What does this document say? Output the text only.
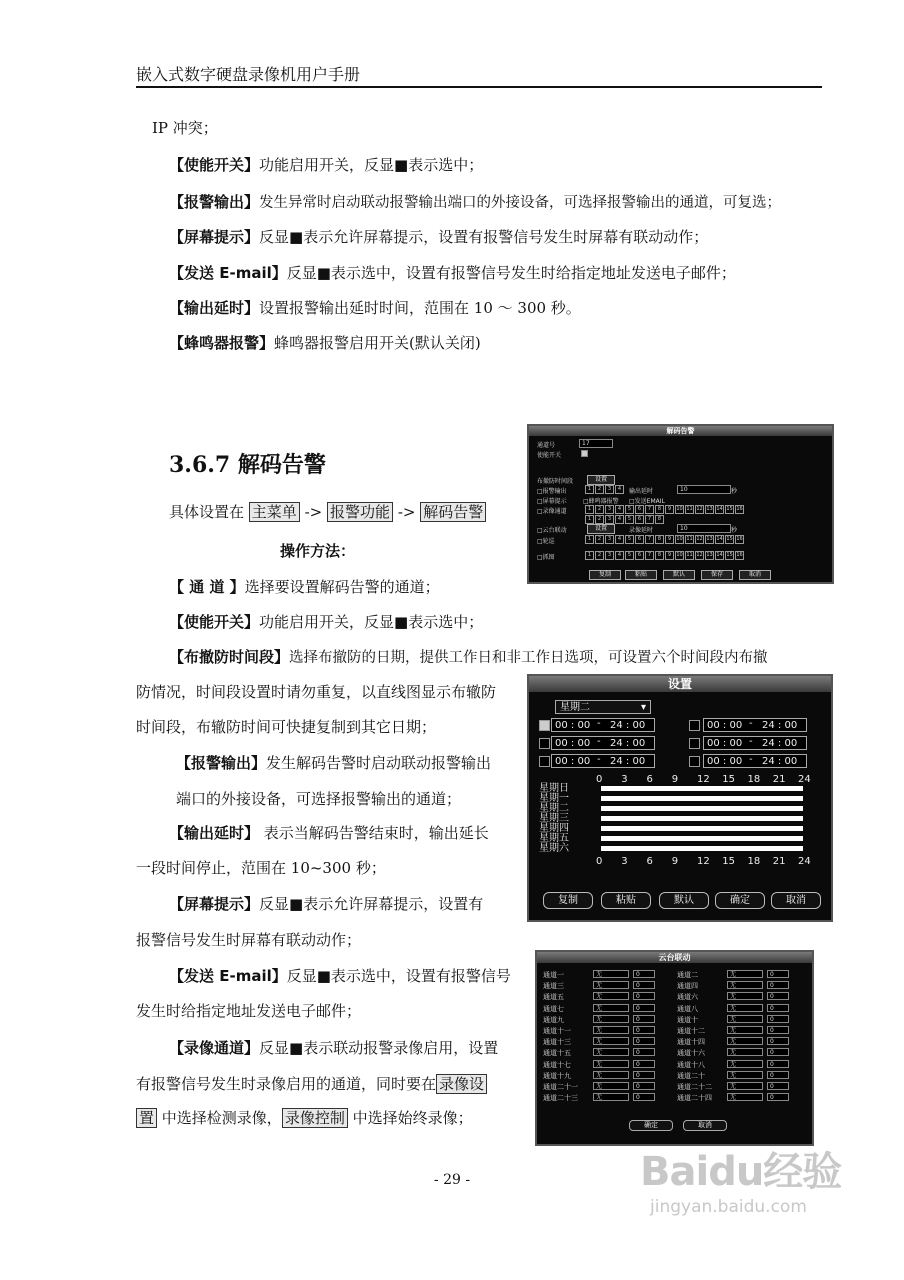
嵌入式数字硬盘录像机用户手册
IP 冲突；
【使能开关】功能启用开关，反显■表示选中；
【报警输出】发生异常时启动联动报警输出端口的外接设备，可选择报警输出的通道，可复选；
【屏幕提示】反显■表示允许屏幕提示，设置有报警信号发生时屏幕有联动动作；
【发送 E-mail】反显■表示选中，设置有报警信号发生时给指定地址发送电子邮件；
【输出延时】设置报警输出延时时间，范围在 10 ～ 300 秒。
【蜂鸣器报警】蜂鸣器报警启用开关(默认关闭)
3.6.7 解码告警
具体设置在 主菜单 -> 报警功能 -> 解码告警
操作方法：
【 通 道 】选择要设置解码告警的通道；
【使能开关】功能启用开关，反显■表示选中；
【布撤防时间段】选择布撤防的日期，提供工作日和非工作日选项，可设置六个时间段内布撤
防情况，时间段设置时请勿重复，以直线图显示布辙防
时间段，布辙防时间可快捷复制到其它日期；
【报警输出】发生解码告警时启动联动报警输出
端口的外接设备，可选择报警输出的通道；
【输出延时】 表示当解码告警结束时，输出延长
一段时间停止，范围在 10~300 秒；
【屏幕提示】反显■表示允许屏幕提示，设置有
报警信号发生时屏幕有联动动作；
【发送 E-mail】反显■表示选中，设置有报警信号
发生时给指定地址发送电子邮件；
【录像通道】反显■表示联动报警录像启用，设置
有报警信号发生时录像启用的通道，同时要在 录像设
置 中选择检测录像， 录像控制 中选择始终录像；
- 29 -
解码告警
通道号	17
使能开关
布撤防时间段	设置
□报警输出	1	2	3	4	输出延时	10	秒
□屏幕提示	□蜂鸣器报警 □发送EMAIL
□录像通道	1	2	3	4	5	6	7	8	9	10 11 12 13 14 15 16
1	2	3	4	5	6	7	8
□云台联动	设置	录像延时	10	秒
□轮巡	1	2	3	4	5	6	7	8	9	10 11 12 13 14 15 16
□抓图	1	2	3	4	5	6	7	8	9	10 11 12 13 14 15 16
复制	粘贴	默认	保存	取消
设置
星期二	▾
00 : 00 - 24 : 00
00 : 00 - 24 : 00
00 : 00 - 24 : 00
00 : 00 - 24 : 00
00 : 00 - 24 : 00
00 : 00 - 24 : 00
0 3 6 9 12 15 18 21 24
0 3 6 9 12 15 18 21 24
星期日
星期一
星期二
星期三
星期四
星期五
星期六
复制	粘贴	默认	确定	取消
云台联动
通道一	无	0	通道二	无	0
通道三	无	0	通道四	无	0
通道五	无	0	通道六	无	0
通道七	无	0	通道八	无	0
通道九	无	0	通道十	无	0
通道十一	无	0	通道十二	无	0
通道十三	无	0	通道十四	无	0
通道十五	无	0	通道十六	无	0
通道十七	无	0	通道十八	无	0
通道十九	无	0	通道二十	无	0
通道二十一	无	0	通道二十二	无	0
通道二十三	无	0	通道二十四	无	0
确定	取消
Baidu经验
jingyan.baidu.com
